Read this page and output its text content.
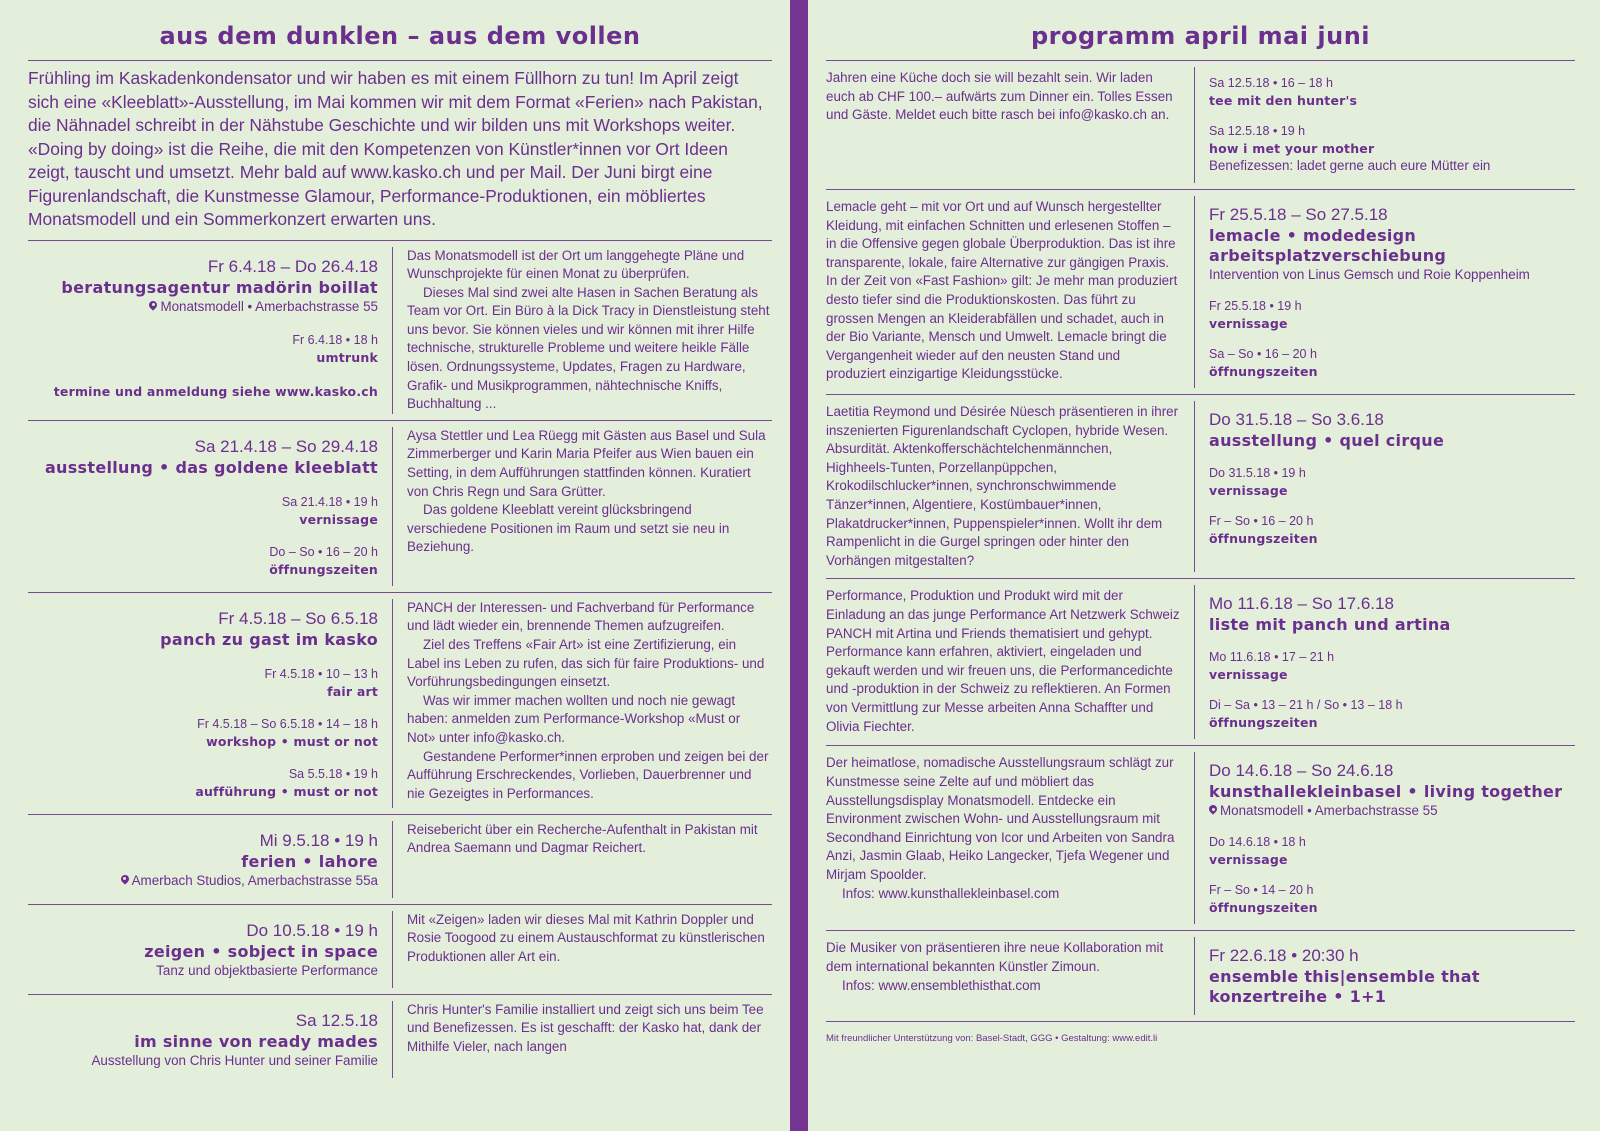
aus dem dunklen – aus dem vollen
Frühling im Kaskadenkondensator und wir haben es mit einem Füllhorn zu tun! Im April zeigt sich eine «Kleeblatt»-Ausstellung, im Mai kommen wir mit dem Format «Ferien» nach Pakistan, die Nähnadel schreibt in der Nähstube Geschichte und wir bilden uns mit Workshops weiter. «Doing by doing» ist die Reihe, die mit den Kompetenzen von Künstler*innen vor Ort Ideen zeigt, tauscht und umsetzt. Mehr bald auf www.kasko.ch und per Mail. Der Juni birgt eine Figurenlandschaft, die Kunstmesse Glamour, Performance-Produktionen, ein möbliertes Monatsmodell und ein Sommerkonzert erwarten uns.
Fr 6.4.18 – Do 26.4.18
beratungsagentur madörin boillat
Monatsmodell • Amerbachstrasse 55
Fr 6.4.18 • 18 h
umtrunk
termine und anmeldung siehe www.kasko.ch

Das Monatsmodell ist der Ort um langgehegte Pläne und Wunschprojekte für einen Monat zu überprüfen.

Dieses Mal sind zwei alte Hasen in Sachen Beratung als Team vor Ort. Ein Büro à la Dick Tracy in Dienstleistung steht uns bevor. Sie können vieles und wir können mit ihrer Hilfe technische, strukturelle Probleme und weitere heikle Fälle lösen. Ordnungssysteme, Updates, Fragen zu Hardware, Grafik- und Musikprogrammen, nähtechnische Kniffs, Buchhaltung ...

Sa 21.4.18 – So 29.4.18
ausstellung • das goldene kleeblatt
Sa 21.4.18 • 19 h
vernissage
Do – So • 16 – 20 h
öffnungszeiten

Aysa Stettler und Lea Rüegg mit Gästen aus Basel und Sula Zimmerberger und Karin Maria Pfeifer aus Wien bauen ein Setting, in dem Aufführungen stattfinden können. Kuratiert von Chris Regn und Sara Grütter.

Das goldene Kleeblatt vereint glücksbringend verschiedene Positionen im Raum und setzt sie neu in Beziehung.

Fr 4.5.18 – So 6.5.18
panch zu gast im kasko
Fr 4.5.18 • 10 – 13 h
fair art
Fr 4.5.18 – So 6.5.18 • 14 – 18 h
workshop • must or not
Sa 5.5.18 • 19 h
aufführung • must or not

PANCH der Interessen- und Fachverband für Performance und lädt wieder ein, brennende Themen aufzugreifen.

Ziel des Treffens «Fair Art» ist eine Zertifizierung, ein Label ins Leben zu rufen, das sich für faire Produktions- und Vorführungsbedingungen einsetzt.

Was wir immer machen wollten und noch nie gewagt haben: anmelden zum Performance-Workshop «Must or Not» unter info@kasko.ch.

Gestandene Performer*innen erproben und zeigen bei der Aufführung Erschreckendes, Vorlieben, Dauerbrenner und nie Gezeigtes in Performances.

Mi 9.5.18 • 19 h
ferien • lahore
Amerbach Studios, Amerbachstrasse 55a

Reisebericht über ein Recherche-Aufenthalt in Pakistan mit Andrea Saemann und Dagmar Reichert.

Do 10.5.18 • 19 h
zeigen • sobject in space
Tanz und objektbasierte Performance

Mit «Zeigen» laden wir dieses Mal mit Kathrin Doppler und Rosie Toogood zu einem Austauschformat zu künstlerischen Produktionen aller Art ein.

Sa 12.5.18
im sinne von ready mades
Ausstellung von Chris Hunter und seiner Familie

Chris Hunter's Familie installiert und zeigt sich uns beim Tee und Benefizessen. Es ist geschafft: der Kasko hat, dank der Mithilfe Vieler, nach langen

programm april mai juni

Jahren eine Küche doch sie will bezahlt sein. Wir laden euch ab CHF 100.– aufwärts zum Dinner ein. Tolles Essen und Gäste. Meldet euch bitte rasch bei info@kasko.ch an.

Sa 12.5.18 • 16 – 18 h
tee mit den hunter's
Sa 12.5.18 • 19 h
how i met your mother
Benefizessen: ladet gerne auch eure Mütter ein

Lemacle geht – mit vor Ort und auf Wunsch hergestellter Kleidung, mit einfachen Schnitten und erlesenen Stoffen – in die Offensive gegen globale Überproduktion. Das ist ihre transparente, lokale, faire Alternative zur gängigen Praxis. In der Zeit von «Fast Fashion» gilt: Je mehr man produziert desto tiefer sind die Produktionskosten. Das führt zu grossen Mengen an Kleiderabfällen und schadet, auch in der Bio Variante, Mensch und Umwelt. Lemacle bringt die Vergangenheit wieder auf den neusten Stand und produziert einzigartige Kleidungsstücke.

Fr 25.5.18 – So 27.5.18
lemacle • modedesign
arbeitsplatzverschiebung
Intervention von Linus Gemsch und Roie Koppenheim
Fr 25.5.18 • 19 h
vernissage
Sa – So • 16 – 20 h
öffnungszeiten

Laetitia Reymond und Désirée Nüesch präsentieren in ihrer inszenierten Figurenlandschaft Cyclopen, hybride Wesen. Absurdität. Aktenkofferschächtelchenmännchen, Highheels-Tunten, Porzellanpüppchen, Krokodilschlucker*innen, synchronschwimmende Tänzer*innen, Algentiere, Kostümbauer*innen, Plakatdrucker*innen, Puppenspieler*innen. Wollt ihr dem Rampenlicht in die Gurgel springen oder hinter den Vorhängen mitgestalten?

Do 31.5.18 – So 3.6.18
ausstellung • quel cirque
Do 31.5.18 • 19 h
vernissage
Fr – So • 16 – 20 h
öffnungszeiten

Performance, Produktion und Produkt wird mit der Einladung an das junge Performance Art Netzwerk Schweiz PANCH mit Artina und Friends thematisiert und gehypt. Performance kann erfahren, aktiviert, eingeladen und gekauft werden und wir freuen uns, die Performancedichte und -produktion in der Schweiz zu reflektieren. An Formen von Vermittlung zur Messe arbeiten Anna Schaffter und Olivia Fiechter.

Mo 11.6.18 – So 17.6.18
liste mit panch und artina
Mo 11.6.18 • 17 – 21 h
vernissage
Di – Sa • 13 – 21 h / So • 13 – 18 h
öffnungszeiten

Der heimatlose, nomadische Ausstellungsraum schlägt zur Kunstmesse seine Zelte auf und möbliert das Ausstellungsdisplay Monatsmodell. Entdecke ein Environment zwischen Wohn- und Ausstellungsraum mit Secondhand Einrichtung von Icor und Arbeiten von Sandra Anzi, Jasmin Glaab, Heiko Langecker, Tjefa Wegener und Mirjam Spoolder.

Infos: www.kunsthallekleinbasel.com

Do 14.6.18 – So 24.6.18
kunsthallekleinbasel • living together
Monatsmodell • Amerbachstrasse 55
Do 14.6.18 • 18 h
vernissage
Fr – So • 14 – 20 h
öffnungszeiten

Die Musiker von präsentieren ihre neue Kollaboration mit dem international bekannten Künstler Zimoun.

Infos: www.ensemblethisthat.com

Fr 22.6.18 • 20:30 h
ensemble this|ensemble that
konzertreihe • 1+1
Mit freundlicher Unterstützung von: Basel-Stadt, GGG • Gestaltung: www.edit.li
